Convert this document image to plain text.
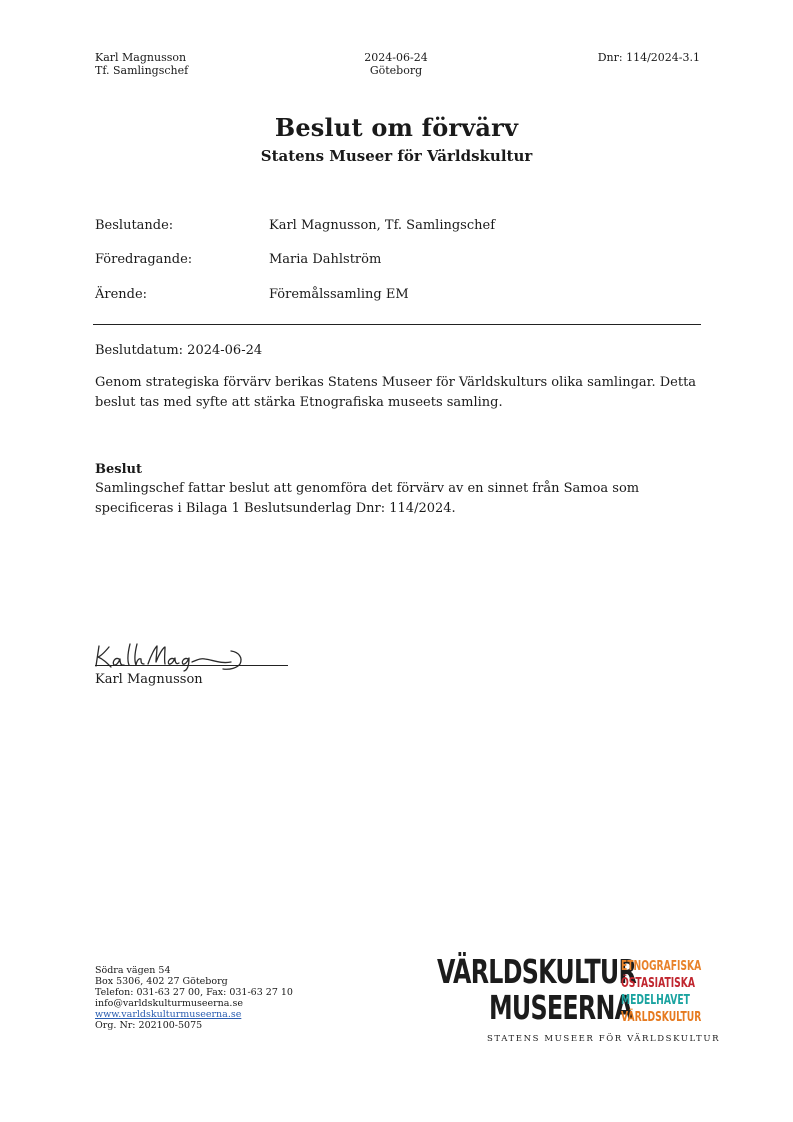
Karl Magnusson
Tf. Samlingschef
2024-06-24
Göteborg
Dnr: 114/2024-3.1
Beslut om förvärv
Statens Museer för Världskultur
Beslutande:	Karl Magnusson, Tf. Samlingschef
Föredragande:	Maria Dahlström
Ärende:	Föremålssamling EM
Beslutdatum: 2024-06-24
Genom strategiska förvärv berikas Statens Museer för Världskulturs olika samlingar. Detta beslut tas med syfte att stärka Etnografiska museets samling.
Beslut
Samlingschef fattar beslut att genomföra det förvärv av en sinnet från Samoa som specificeras i Bilaga 1 Beslutsunderlag Dnr: 114/2024.
Karl Magnusson
Södra vägen 54
Box 5306, 402 27 Göteborg
Telefon: 031-63 27 00, Fax: 031-63 27 10
info@varldskulturmuseerna.se
www.varldskulturmuseerna.se
Org. Nr: 202100-5075
VÄRLDSKULTUR
MUSEERNA
ETNOGRAFISKA
ÖSTASIATISKA
MEDELHAVET
VÄRLDSKULTUR
STATENS MUSEER FÖR VÄRLDSKULTUR
